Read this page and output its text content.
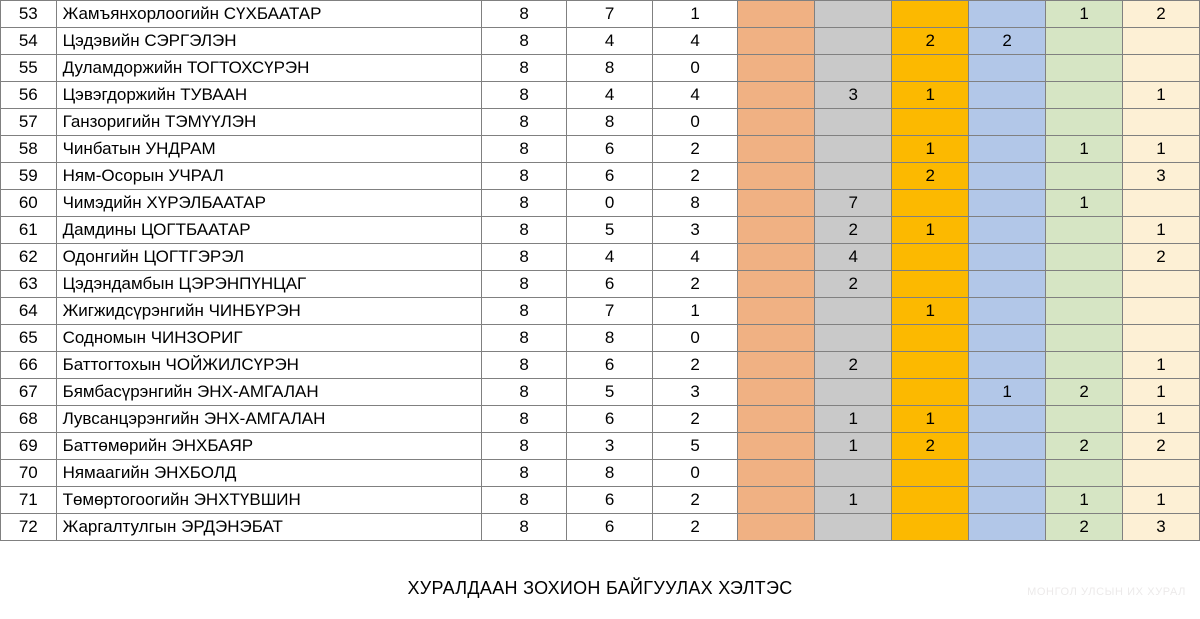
53	Жамъянхорлоогийн СҮХБААТАР	8	7	1					1	2
54	Цэдэвийн СЭРГЭЛЭН	8	4	4			2	2		
55	Дуламдоржийн ТОГТОХСҮРЭН	8	8	0						
56	Цэвэгдоржийн ТУВААН	8	4	4		3	1			1
57	Ганзоригийн ТЭМҮҮЛЭН	8	8	0						
58	Чинбатын УНДРАМ	8	6	2			1		1	1
59	Ням-Осорын УЧРАЛ	8	6	2			2			3
60	Чимэдийн ХҮРЭЛБААТАР	8	0	8		7			1	
61	Дамдины ЦОГТБААТАР	8	5	3		2	1			1
62	Одонгийн ЦОГТГЭРЭЛ	8	4	4		4				2
63	Цэдэндамбын ЦЭРЭНПҮНЦАГ	8	6	2		2				
64	Жигжидсүрэнгийн ЧИНБҮРЭН	8	7	1			1			
65	Содномын ЧИНЗОРИГ	8	8	0						
66	Баттогтохын ЧОЙЖИЛСҮРЭН	8	6	2		2				1
67	Бямбасүрэнгийн ЭНХ-АМГАЛАН	8	5	3				1	2	1
68	Лувсанцэрэнгийн ЭНХ-АМГАЛАН	8	6	2		1	1			1
69	Баттөмөрийн ЭНХБАЯР	8	3	5		1	2		2	2
70	Нямаагийн ЭНХБОЛД	8	8	0						
71	Төмөртогоогийн ЭНХТҮВШИН	8	6	2		1			1	1
72	Жаргалтулгын ЭРДЭНЭБАТ	8	6	2					2	3
ХУРАЛДААН ЗОХИОН БАЙГУУЛАХ ХЭЛТЭС	МОНГОЛ УЛСЫН ИХ ХУРАЛ
